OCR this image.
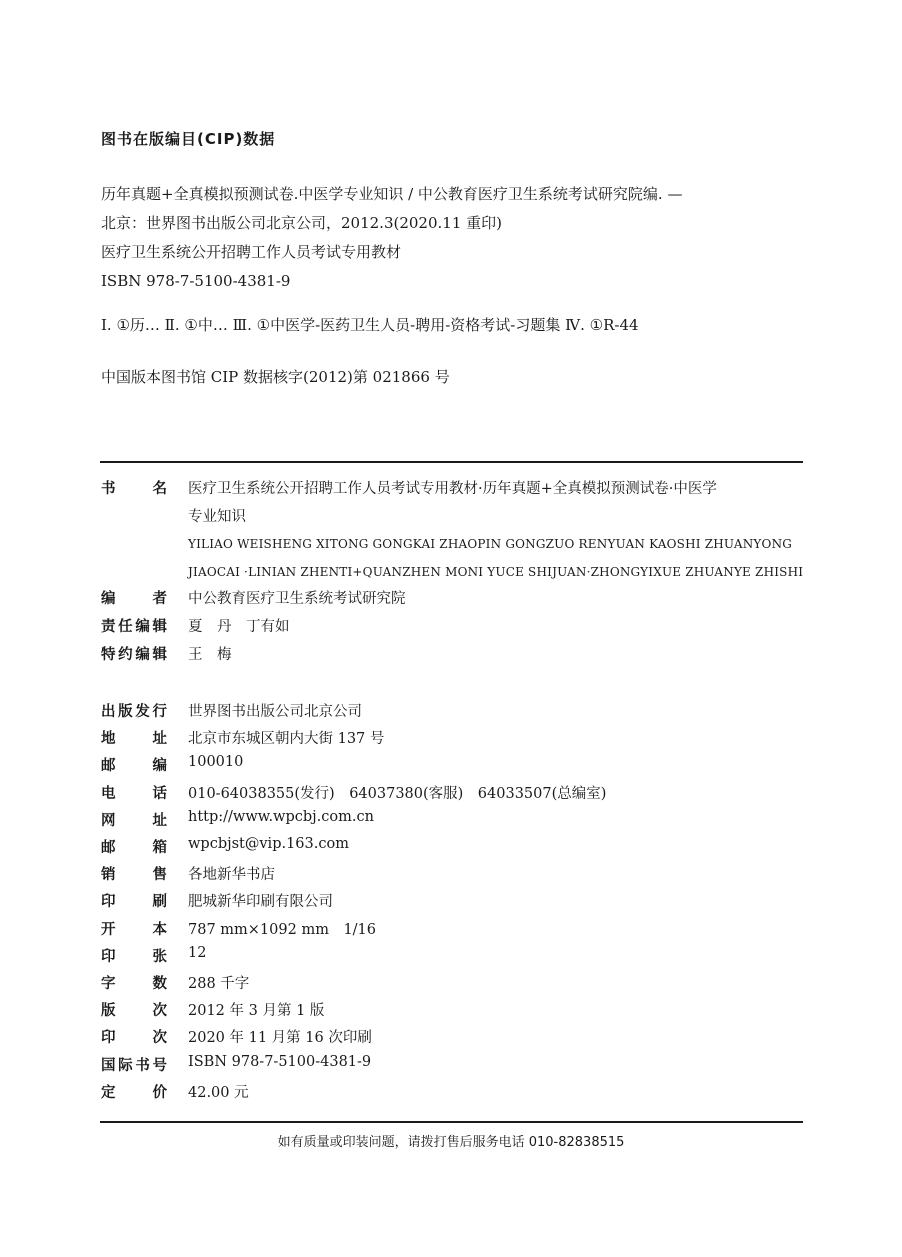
图书在版编目(CIP)数据
历年真题+全真模拟预测试卷.中医学专业知识 / 中公教育医疗卫生系统考试研究院编. —
北京：世界图书出版公司北京公司，2012.3(2020.11 重印)
医疗卫生系统公开招聘工作人员考试专用教材
ISBN 978-7-5100-4381-9
Ⅰ. ①历… Ⅱ. ①中… Ⅲ. ①中医学-医药卫生人员-聘用-资格考试-习题集 Ⅳ. ①R-44
中国版本图书馆 CIP 数据核字(2012)第 021866 号
书	名 医疗卫生系统公开招聘工作人员考试专用教材·历年真题+全真模拟预测试卷·中医学
专业知识
YILIAO WEISHENG XITONG GONGKAI ZHAOPIN GONGZUO RENYUAN KAOSHI ZHUANYONG
JIAOCAI ·LINIAN ZHENTI+QUANZHEN MONI YUCE SHIJUAN·ZHONGYIXUE ZHUANYE ZHISHI
编	者 中公教育医疗卫生系统考试研究院
责任编辑 夏　丹　丁有如
特约编辑 王　梅
出版发行 世界图书出版公司北京公司
地	址 北京市东城区朝内大街 137 号
邮	编 100010
电	话 010-64038355(发行)　64037380(客服)　64033507(总编室)
网	址 http://www.wpcbj.com.cn
邮	箱 wpcbjst@vip.163.com
销	售 各地新华书店
印	刷 肥城新华印刷有限公司
开	本 787 mm×1092 mm　1/16
印	张 12
字	数 288 千字
版	次 2012 年 3 月第 1 版
印	次 2020 年 11 月第 16 次印刷
国际书号 ISBN 978-7-5100-4381-9
定	价 42.00 元
如有质量或印装问题，请拨打售后服务电话 010-82838515
